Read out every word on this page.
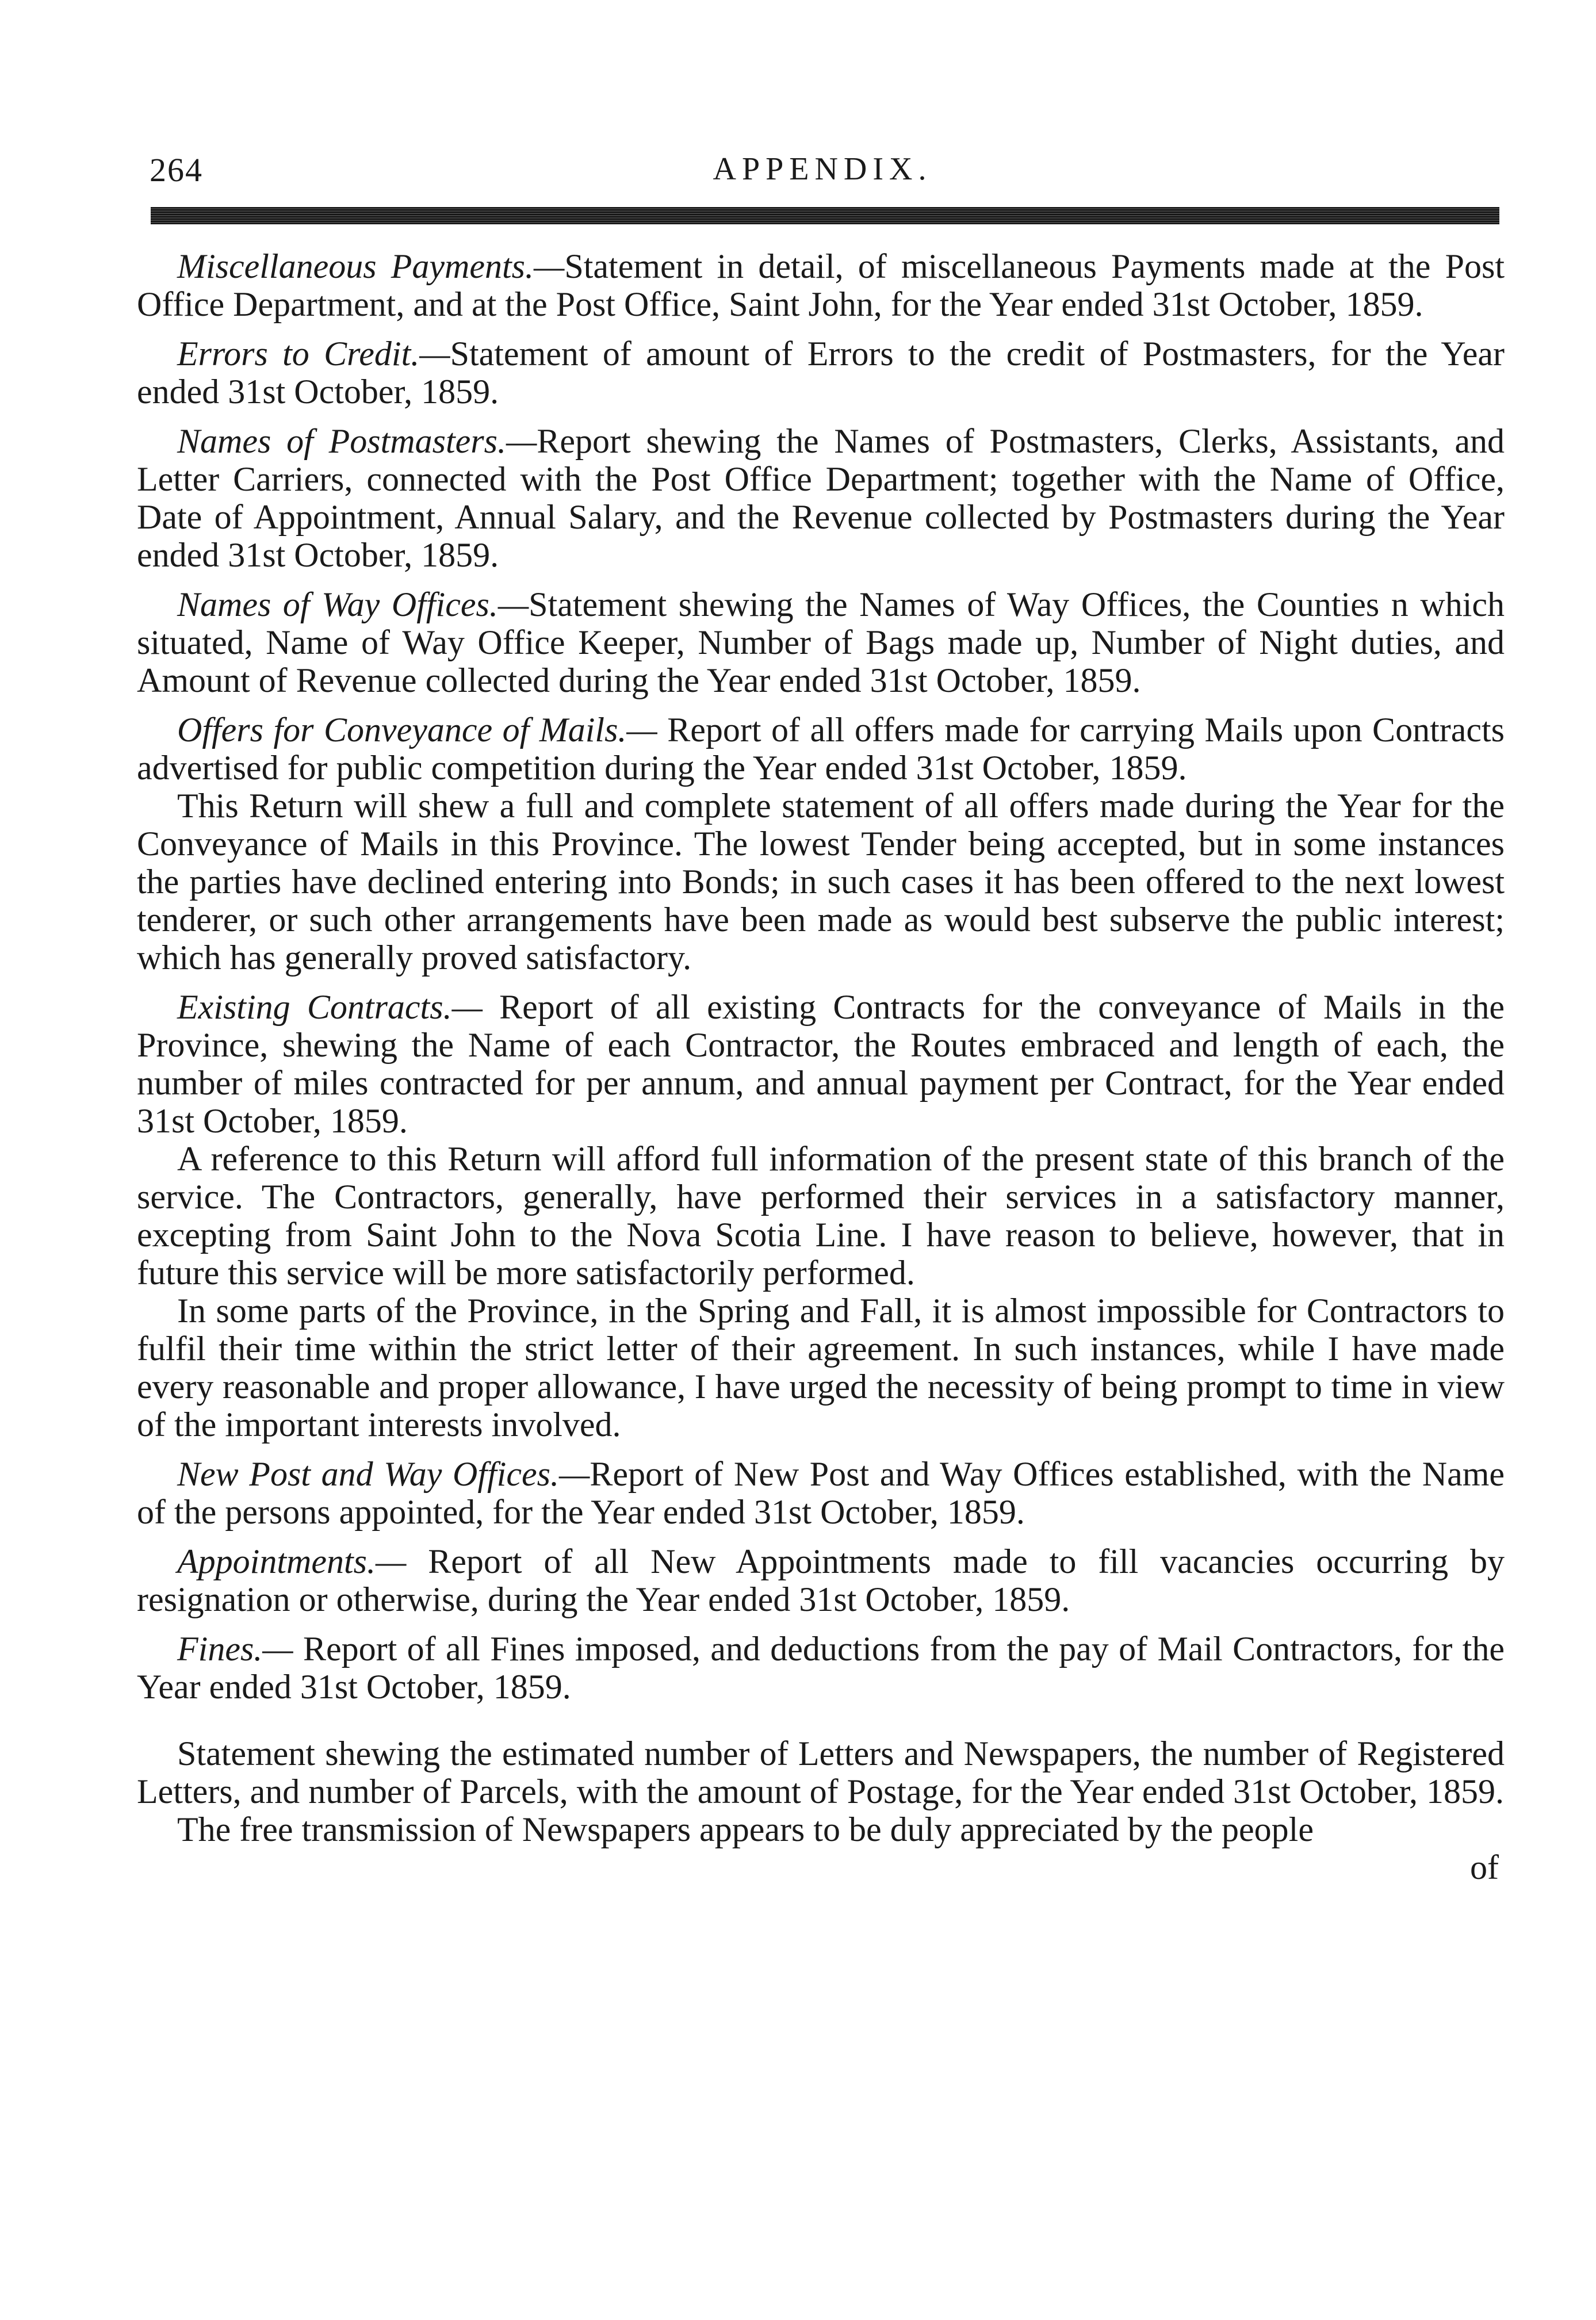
264	APPENDIX.

Miscellaneous Payments.—Statement in detail, of miscellaneous Payments made at the Post Office Department, and at the Post Office, Saint John, for the Year ended 31st October, 1859.

Errors to Credit.—Statement of amount of Errors to the credit of Postmasters, for the Year ended 31st October, 1859.

Names of Postmasters.—Report shewing the Names of Postmasters, Clerks, Assistants, and Letter Carriers, connected with the Post Office Department; together with the Name of Office, Date of Appointment, Annual Salary, and the Revenue collected by Postmasters during the Year ended 31st October, 1859.

Names of Way Offices.—Statement shewing the Names of Way Offices, the Counties n which situated, Name of Way Office Keeper, Number of Bags made up, Number of Night duties, and Amount of Revenue collected during the Year ended 31st October, 1859.

Offers for Conveyance of Mails.— Report of all offers made for carrying Mails upon Contracts advertised for public competition during the Year ended 31st October, 1859.

This Return will shew a full and complete statement of all offers made during the Year for the Conveyance of Mails in this Province. The lowest Tender being accepted, but in some instances the parties have declined entering into Bonds; in such cases it has been offered to the next lowest tenderer, or such other arrangements have been made as would best subserve the public interest; which has generally proved satisfactory.

Existing Contracts.— Report of all existing Contracts for the conveyance of Mails in the Province, shewing the Name of each Contractor, the Routes embraced and length of each, the number of miles contracted for per annum, and annual payment per Contract, for the Year ended 31st October, 1859.

A reference to this Return will afford full information of the present state of this branch of the service. The Contractors, generally, have performed their services in a satisfactory manner, excepting from Saint John to the Nova Scotia Line. I have reason to believe, however, that in future this service will be more satisfactorily performed.

In some parts of the Province, in the Spring and Fall, it is almost impossible for Contractors to fulfil their time within the strict letter of their agreement. In such instances, while I have made every reasonable and proper allowance, I have urged the necessity of being prompt to time in view of the important interests involved.

New Post and Way Offices.—Report of New Post and Way Offices established, with the Name of the persons appointed, for the Year ended 31st October, 1859.

Appointments.— Report of all New Appointments made to fill vacancies occurring by resignation or otherwise, during the Year ended 31st October, 1859.

Fines.— Report of all Fines imposed, and deductions from the pay of Mail Contractors, for the Year ended 31st October, 1859.

Statement shewing the estimated number of Letters and Newspapers, the number of Registered Letters, and number of Parcels, with the amount of Postage, for the Year ended 31st October, 1859.

The free transmission of Newspapers appears to be duly appreciated by the people

of
